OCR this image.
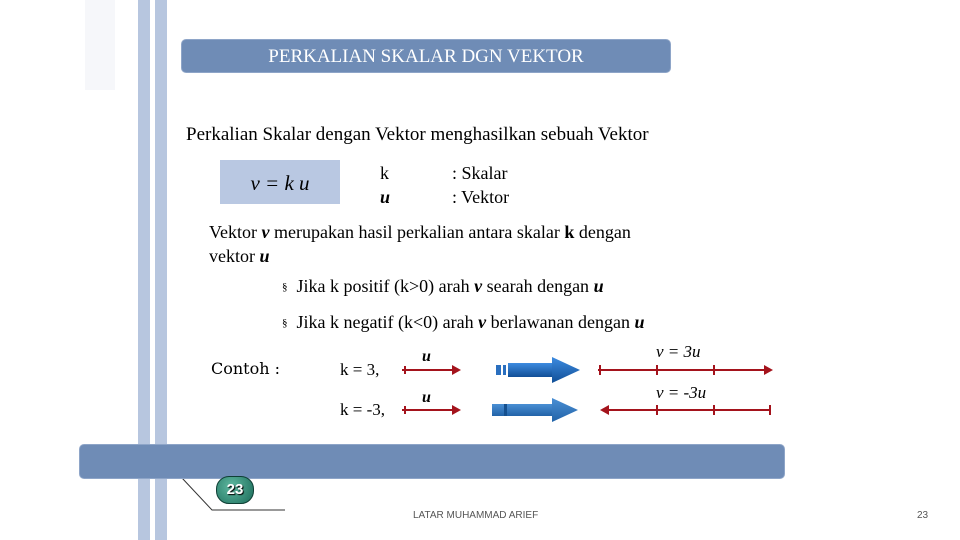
PERKALIAN SKALAR DGN VEKTOR
Perkalian Skalar dengan Vektor menghasilkan sebuah Vektor
v = k u	k	: Skalar
u	: Vektor
Vektor v merupakan hasil perkalian antara skalar k dengan
vektor u
§ Jika k positif (k>0) arah v searah dengan u
§ Jika k negatif (k<0) arah v berlawanan dengan u
Contoh :	k = 3,
u	v = 3u
k = -3,
u	v = -3u
23
LATAR MUHAMMAD ARIEF	23
